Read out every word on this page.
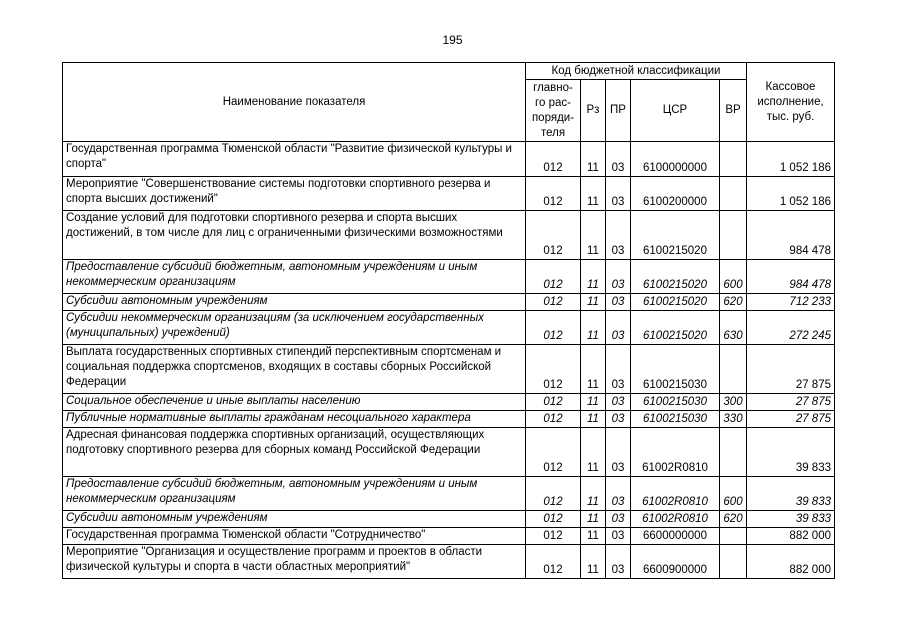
195
Наименование показателя	Код бюджетной классификации					Кассовое исполнение, тыс. руб.
	главно-го рас-поряди-теля	Рз	ПР	ЦСР	ВР	
Государственная программа Тюменской области "Развитие физической культуры и спорта"	012	11	03	6100000000		1 052 186
Мероприятие "Совершенствование системы подготовки спортивного резерва и спорта высших достижений"	012	11	03	6100200000		1 052 186
Создание условий для подготовки спортивного резерва и спорта высших достижений, в том числе для лиц с ограниченными физическими возможностями	012	11	03	6100215020		984 478
Предоставление субсидий бюджетным, автономным учреждениям и иным некоммерческим организациям	012	11	03	6100215020	600	984 478
Субсидии автономным учреждениям	012	11	03	6100215020	620	712 233
Субсидии некоммерческим организациям (за исключением государственных (муниципальных) учреждений)	012	11	03	6100215020	630	272 245
Выплата государственных спортивных стипендий перспективным спортсменам и социальная поддержка спортсменов, входящих в составы сборных Российской Федерации	012	11	03	6100215030		27 875
Социальное обеспечение и иные выплаты населению	012	11	03	6100215030	300	27 875
Публичные нормативные выплаты гражданам несоциального характера	012	11	03	6100215030	330	27 875
Адресная финансовая поддержка спортивных организаций, осуществляющих подготовку спортивного резерва для сборных команд Российской Федерации	012	11	03	61002R0810		39 833
Предоставление субсидий бюджетным, автономным учреждениям и иным некоммерческим организациям	012	11	03	61002R0810	600	39 833
Субсидии автономным учреждениям	012	11	03	61002R0810	620	39 833
Государственная программа Тюменской области "Сотрудничество"	012	11	03	6600000000		882 000
Мероприятие "Организация и осуществление программ и проектов в области физической культуры и спорта в части областных мероприятий"	012	11	03	6600900000		882 000
